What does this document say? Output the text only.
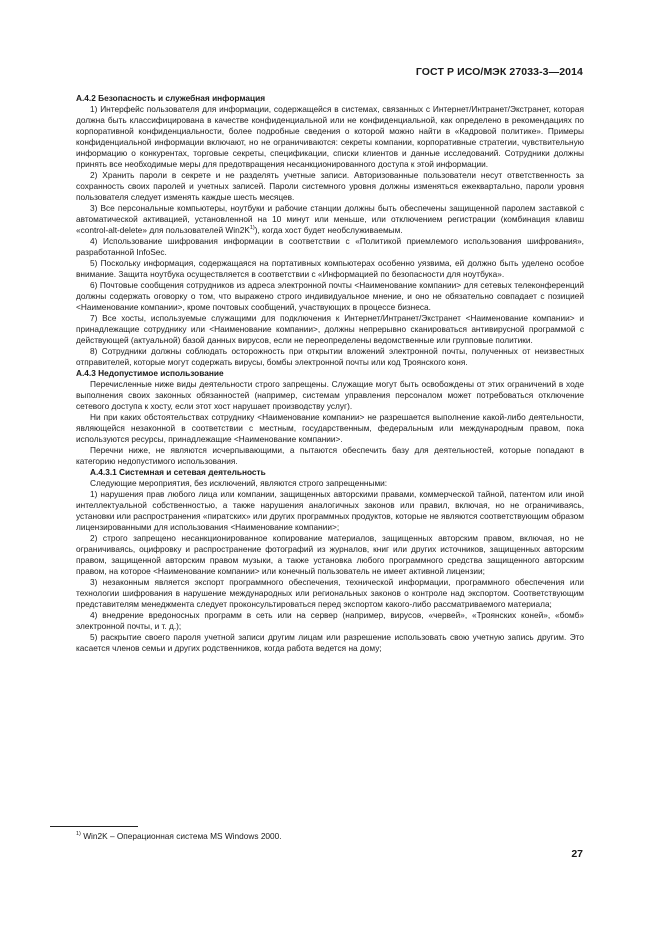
ГОСТ Р ИСО/МЭК 27033-3—2014
А.4.2 Безопасность и служебная информация

1) Интерфейс пользователя для информации, содержащейся в системах, связанных с Интернет/Интранет/Экстранет, которая должна быть классифицирована в качестве конфиденциальной или не конфиденциальной, как определено в рекомендациях по корпоративной конфиденциальности, более подробные сведения о которой можно найти в «Кадровой политике». Примеры конфиденциальной информации включают, но не ограничиваются: секреты компании, корпоративные стратегии, чувствительную информацию о конкурентах, торговые секреты, спецификации, списки клиентов и данные исследований. Сотрудники должны принять все необходимые меры для предотвращения несанкционированного доступа к этой информации.

2) Хранить пароли в секрете и не разделять учетные записи. Авторизованные пользователи несут ответственность за сохранность своих паролей и учетных записей. Пароли системного уровня должны изменяться ежеквартально, пароли уровня пользователя следует изменять каждые шесть месяцев.

3) Все персональные компьютеры, ноутбуки и рабочие станции должны быть обеспечены защищенной паролем заставкой с автоматической активацией, установленной на 10 минут или меньше, или отключением регистрации (комбинация клавиш «control-alt-delete» для пользователей $Win2K^{1)}$), когда хост будет необслуживаемым.

4) Использование шифрования информации в соответствии с «Политикой приемлемого использования шифрования», разработанной InfoSec.

5) Поскольку информация, содержащаяся на портативных компьютерах особенно уязвима, ей должно быть уделено особое внимание. Защита ноутбука осуществляется в соответствии с «Информацией по безопасности для ноутбука».

6) Почтовые сообщения сотрудников из адреса электронной почты <Наименование компании> для сетевых телеконференций должны содержать оговорку о том, что выражено строго индивидуальное мнение, и оно не обязательно совпадает с позицией <Наименование компании>, кроме почтовых сообщений, участвующих в процессе бизнеса.

7) Все хосты, используемые служащими для подключения к Интернет/Интранет/Экстранет <Наименование компании> и принадлежащие сотруднику или <Наименование компании>, должны непрерывно сканироваться антивирусной программой с действующей (актуальной) базой данных вирусов, если не переопределены ведомственные или групповые политики.

8) Сотрудники должны соблюдать осторожность при открытии вложений электронной почты, полученных от неизвестных отправителей, которые могут содержать вирусы, бомбы электронной почты или код Троянского коня.

А.4.3 Недопустимое использование

Перечисленные ниже виды деятельности строго запрещены. Служащие могут быть освобождены от этих ограничений в ходе выполнения своих законных обязанностей (например, системам управления персоналом может потребоваться отключение сетевого доступа к хосту, если этот хост нарушает производству услуг).

Ни при каких обстоятельствах сотруднику <Наименование компании> не разрешается выполнение какой-либо деятельности, являющейся незаконной в соответствии с местным, государственным, федеральным или международным правом, пока используются ресурсы, принадлежащие <Наименование компании>.

Перечни ниже, не являются исчерпывающими, а пытаются обеспечить базу для деятельностей, которые попадают в категорию недопустимого использования.

А.4.3.1 Системная и сетевая деятельность

Следующие мероприятия, без исключений, являются строго запрещенными:

1) нарушения прав любого лица или компании, защищенных авторскими правами, коммерческой тайной, патентом или иной интеллектуальной собственностью, а также нарушения аналогичных законов или правил, включая, но не ограничиваясь, установки или распространения «пиратских» или других программных продуктов, которые не являются соответствующим образом лицензированными для использования <Наименование компании>;

2) строго запрещено несанкционированное копирование материалов, защищенных авторским правом, включая, но не ограничиваясь, оцифровку и распространение фотографий из журналов, книг или других источников, защищенных авторским правом, защищенной авторским правом музыки, а также установка любого программного средства защищенного авторским правом, на которое <Наименование компании> или конечный пользователь не имеет активной лицензии;

3) незаконным является экспорт программного обеспечения, технической информации, программного обеспечения или технологии шифрования в нарушение международных или региональных законов о контроле над экспортом. Соответствующим представителям менеджмента следует проконсультироваться перед экспортом какого-либо рассматриваемого материала;

4) внедрение вредоносных программ в сеть или на сервер (например, вирусов, «червей», «Троянских коней», «бомб» электронной почты, и т. д.);

5) раскрытие своего пароля учетной записи другим лицам или разрешение использовать свою учетную запись другим. Это касается членов семьи и других родственников, когда работа ведется на дому;

$^{1)}$ Win2K – Операционная система MS Windows 2000.
27
